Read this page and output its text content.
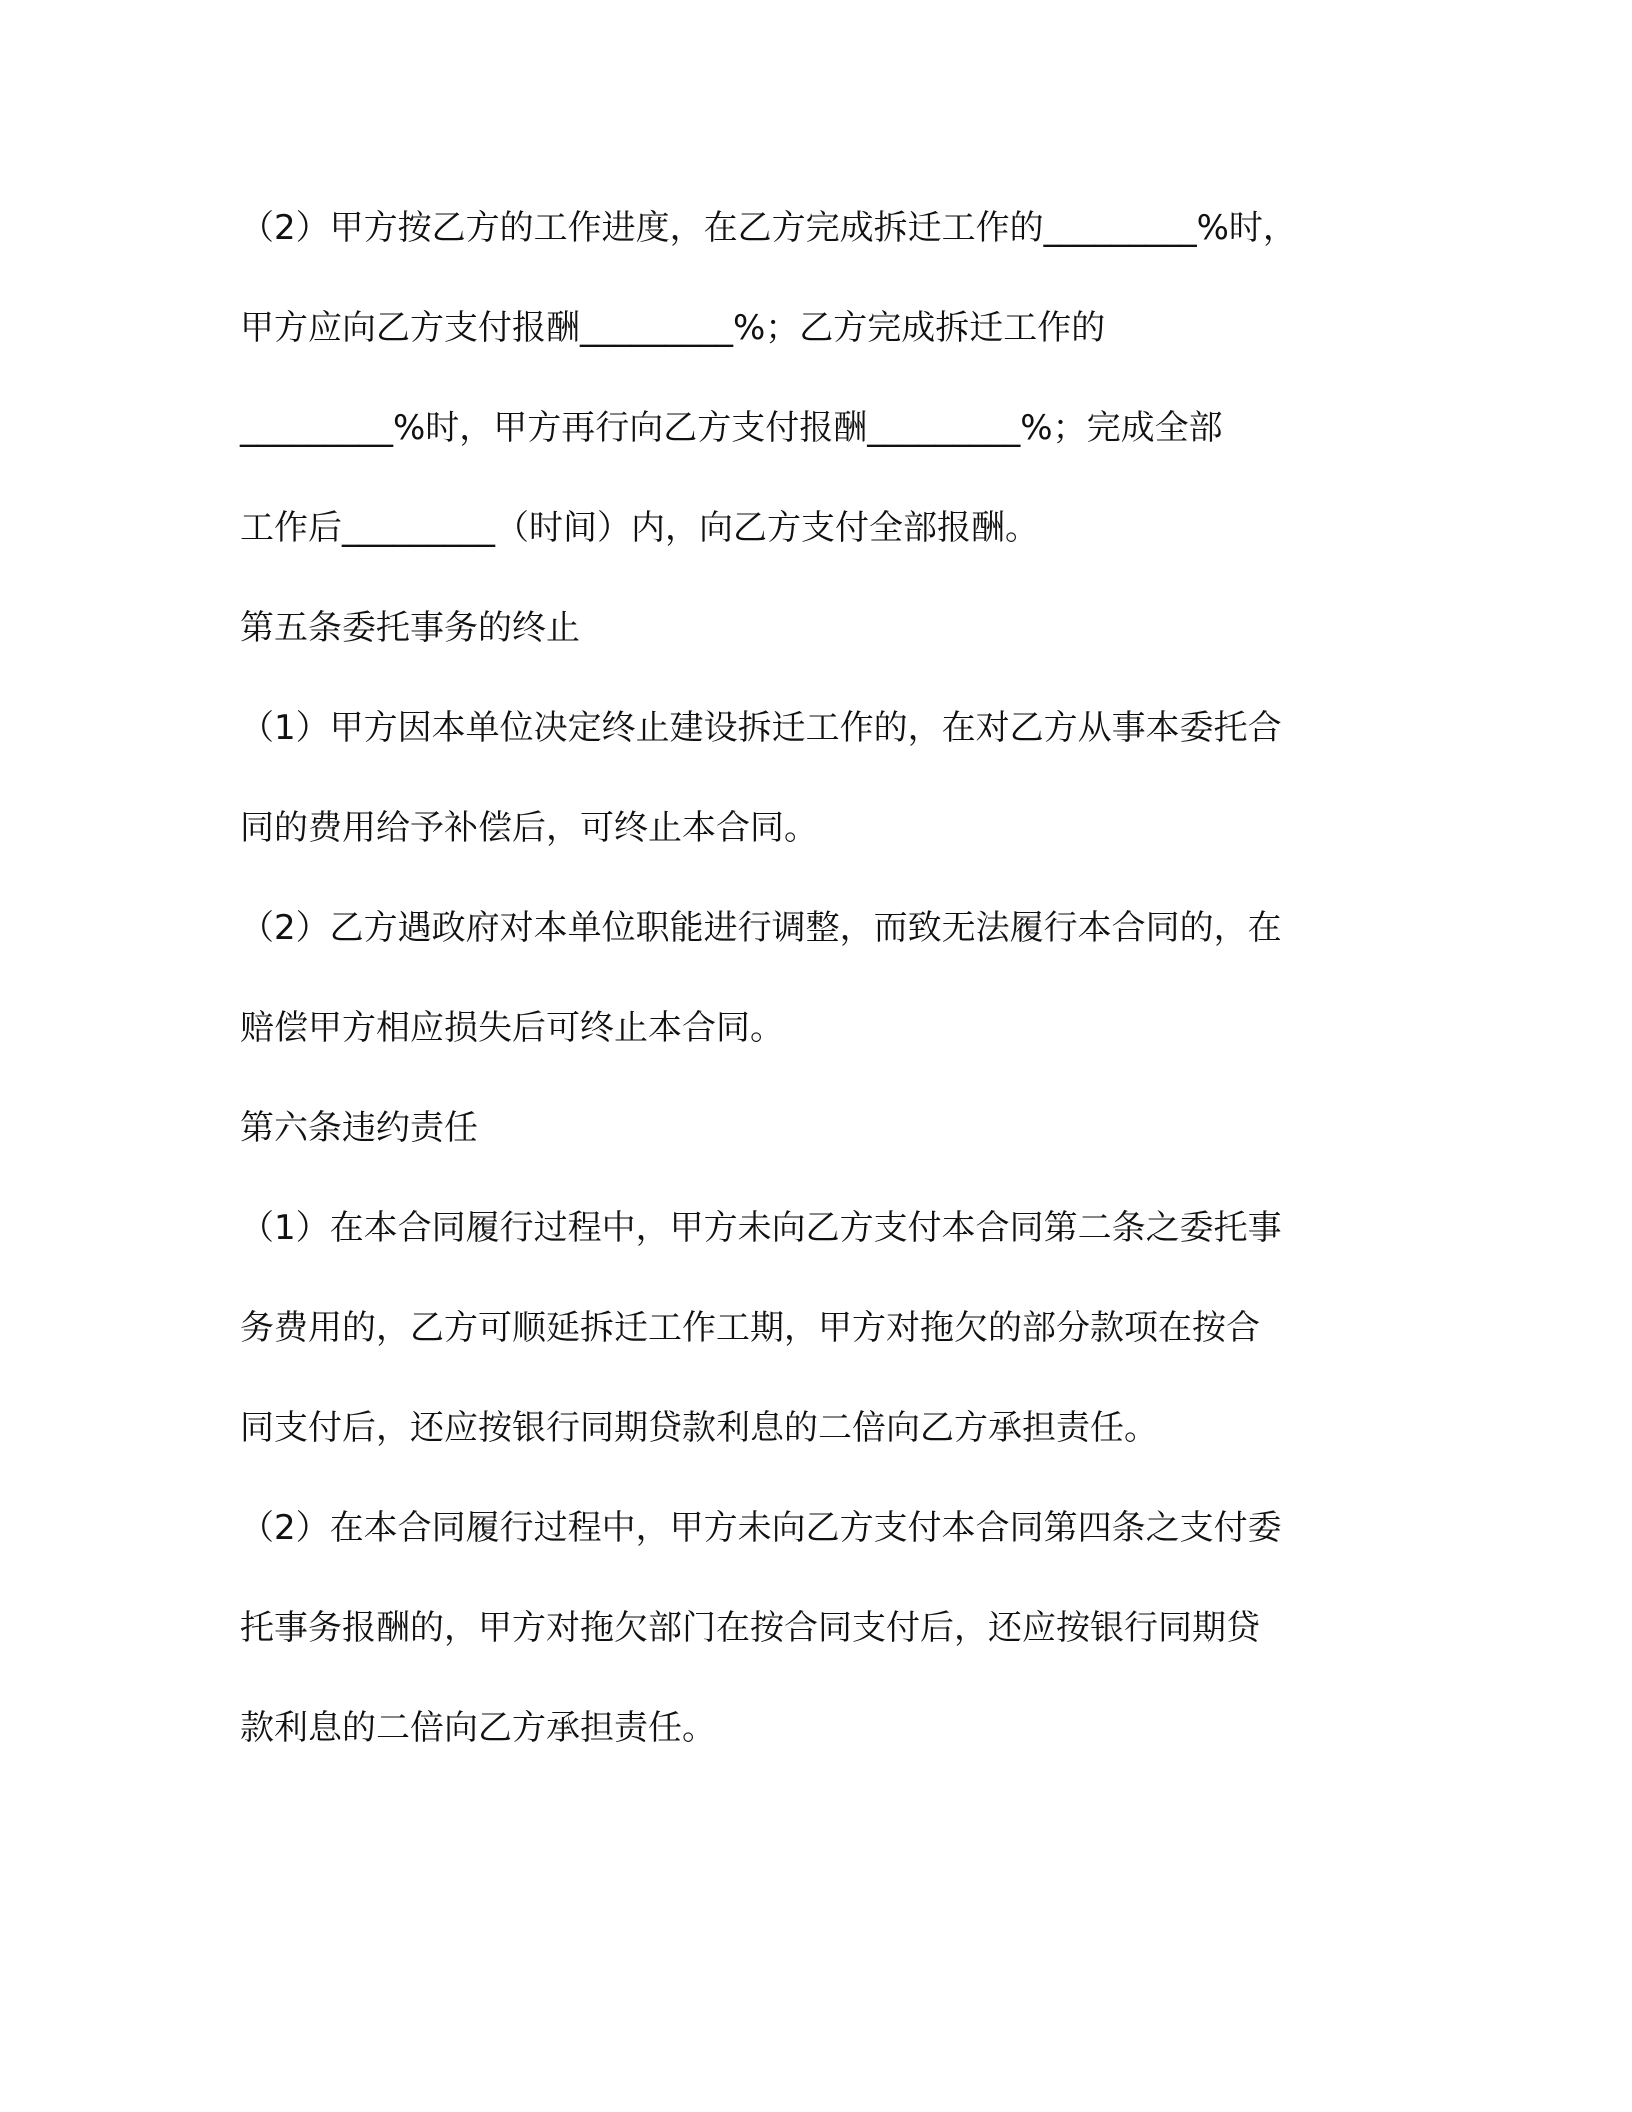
（2）甲方按乙方的工作进度，在乙方完成拆迁工作的_________%时，
甲方应向乙方支付报酬_________%；乙方完成拆迁工作的
_________%时，甲方再行向乙方支付报酬_________%；完成全部
工作后_________（时间）内，向乙方支付全部报酬。
第五条委托事务的终止
（1）甲方因本单位决定终止建设拆迁工作的，在对乙方从事本委托合
同的费用给予补偿后，可终止本合同。
（2）乙方遇政府对本单位职能进行调整，而致无法履行本合同的，在
赔偿甲方相应损失后可终止本合同。
第六条违约责任
（1）在本合同履行过程中，甲方未向乙方支付本合同第二条之委托事
务费用的，乙方可顺延拆迁工作工期，甲方对拖欠的部分款项在按合
同支付后，还应按银行同期贷款利息的二倍向乙方承担责任。
（2）在本合同履行过程中，甲方未向乙方支付本合同第四条之支付委
托事务报酬的，甲方对拖欠部门在按合同支付后，还应按银行同期贷
款利息的二倍向乙方承担责任。
